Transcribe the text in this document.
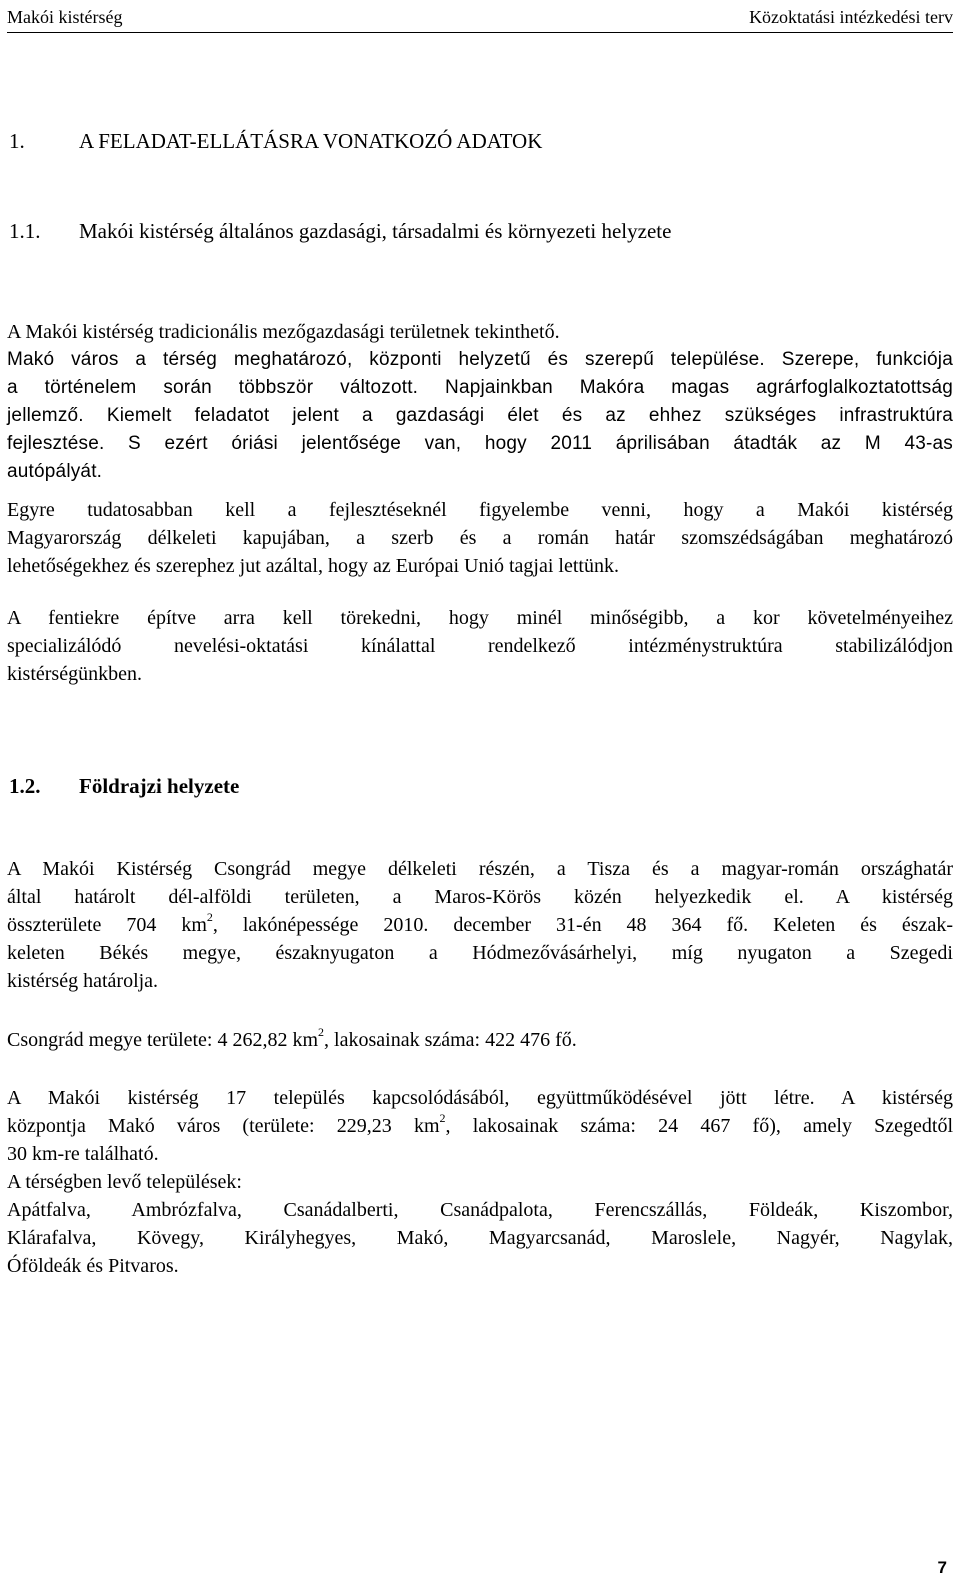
Makói kistérség	Közoktatási intézkedési terv
1.	A FELADAT-ELLÁTÁSRA VONATKOZÓ ADATOK
1.1. Makói kistérség általános gazdasági, társadalmi és környezeti helyzete
A Makói kistérség tradicionális mezőgazdasági területnek tekinthető.
Makó város a térség meghatározó, központi helyzetű és szerepű települése. Szerepe, funkciója
a történelem során többször változott. Napjainkban Makóra magas agrárfoglalkoztatottság
jellemző. Kiemelt feladatot jelent a gazdasági élet és az ehhez szükséges infrastruktúra
fejlesztése. S ezért óriási jelentősége van, hogy 2011 áprilisában átadták az M 43-as
autópályát.
Egyre tudatosabban kell a fejlesztéseknél figyelembe venni, hogy a Makói kistérség
Magyarország délkeleti kapujában, a szerb és a román határ szomszédságában meghatározó
lehetőségekhez és szerephez jut azáltal, hogy az Európai Unió tagjai lettünk.
A fentiekre építve arra kell törekedni, hogy minél minőségibb, a kor követelményeihez
specializálódó nevelési-oktatási kínálattal rendelkező intézménystruktúra stabilizálódjon
kistérségünkben.
1.2. Földrajzi helyzete
A Makói Kistérség Csongrád megye délkeleti részén, a Tisza és a magyar-román országhatár
által határolt dél-alföldi területen, a Maros-Körös közén helyezkedik el. A kistérség
összterülete 704 $km^2$, lakónépessége 2010. december 31-én 48 364 fő. Keleten és észak-
keleten Békés megye, északnyugaton a Hódmezővásárhelyi, míg nyugaton a Szegedi
kistérség határolja.
Csongrád megye területe: 4 262,82 $km^2$, lakosainak száma: 422 476 fő.
A Makói kistérség 17 település kapcsolódásából, együttműködésével jött létre. A kistérség
központja Makó város (területe: 229,23 $km^2$, lakosainak száma: 24 467 fő), amely Szegedtől
30 km-re található.
A térségben levő települések:
Apátfalva, Ambrózfalva, Csanádalberti, Csanádpalota, Ferencszállás, Földeák, Kiszombor,
Klárafalva, Kövegy, Királyhegyes, Makó, Magyarcsanád, Maroslele, Nagyér, Nagylak,
Óföldeák és Pitvaros.
7
